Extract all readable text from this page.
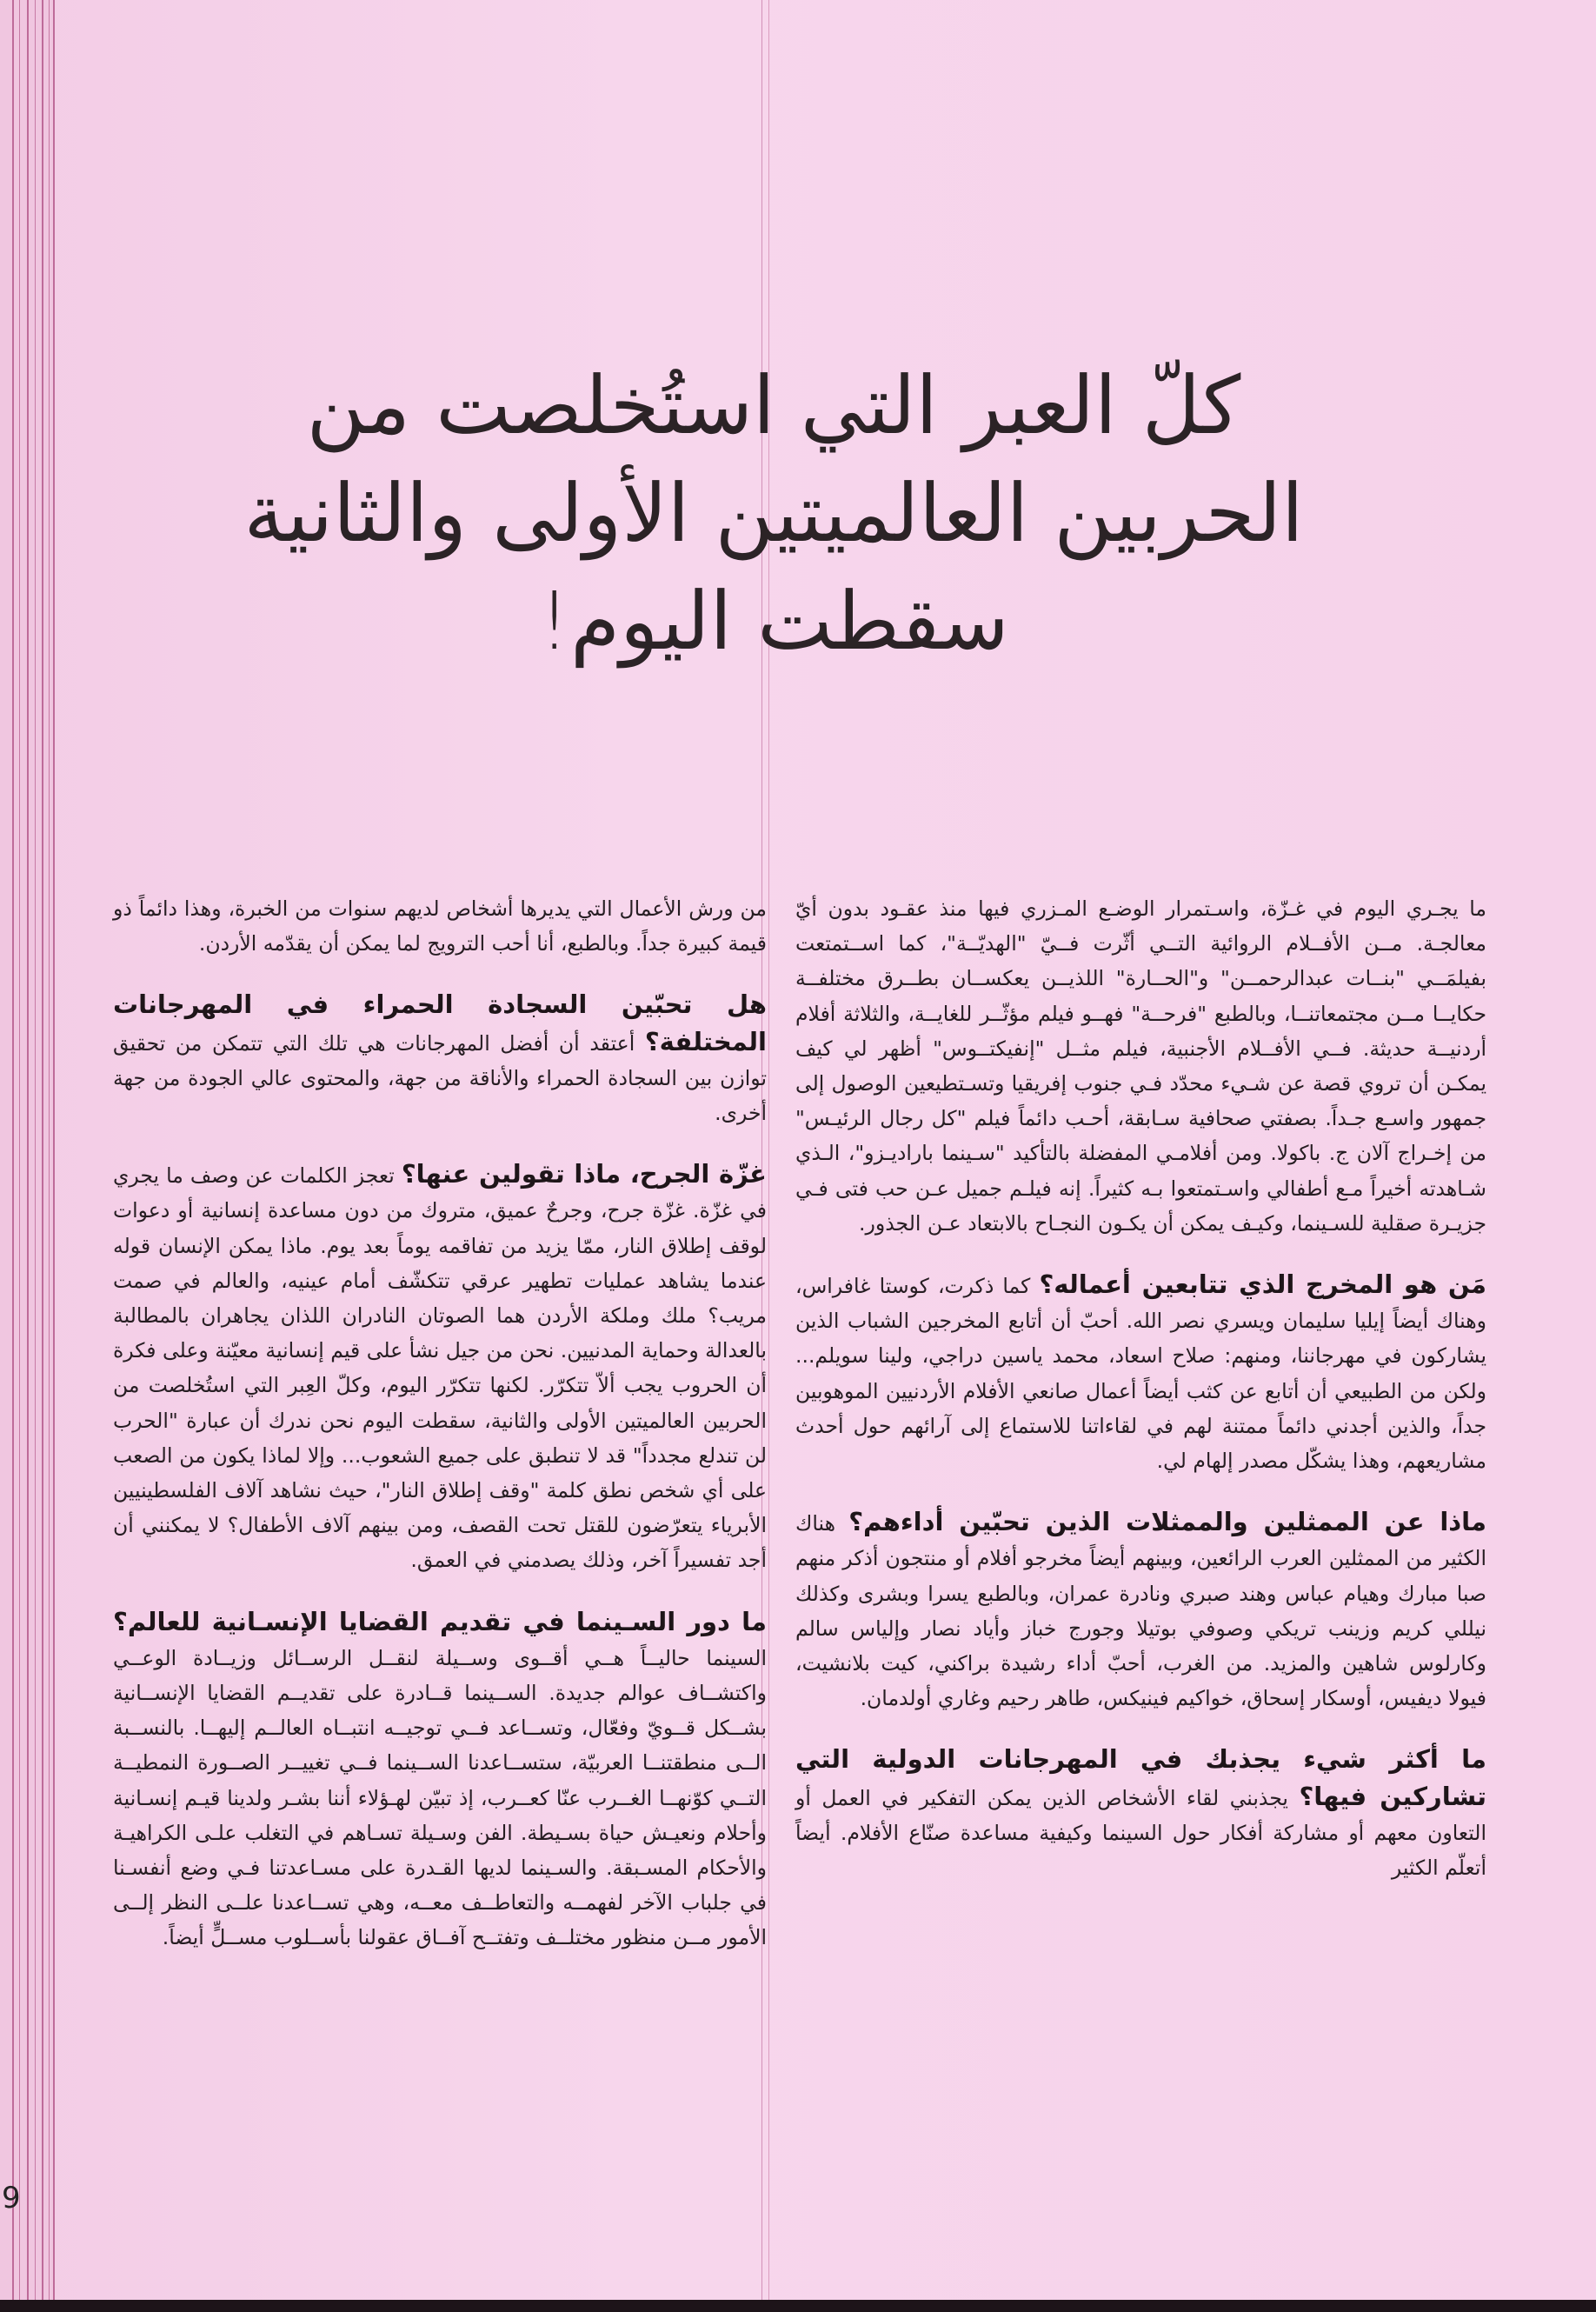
9
كلّ العبر التي استُخلصت من
الحربين العالميتين الأولى والثانية
سقطت اليوم!

ما يجـري اليوم في غـزّة، واسـتمرار الوضـع المـزري فيها منذ عقـود بدون أيّ معالجـة. مــن الأفــلام الروائية التــي أثّرت فــيّ "الهديّــة"، كما اســتمتعت بفيلمَــي "بنــات عبدالرحمــن" و"الحــارة" اللذيــن يعكســان بطــرق مختلفــة حكايــا مــن مجتمعاتنــا، وبالطبع "فرحــة" فهــو فيلم مؤثّــر للغايــة، والثلاثة أفلام أردنيــة حديثة. فــي الأفــلام الأجنبية، فيلم مثــل "إنفيكتــوس" أظهر لي كيف يمكـن أن تروي قصة عن شـيء محدّد فـي جنوب إفريقيا وتسـتطيعين الوصول إلى جمهور واسـع جـداً. بصفتي صحافية سـابقة، أحـب دائماً فيلم "كل رجال الرئيـس" من إخـراج آلان ج. باكولا. ومن أفلامـي المفضلة بالتأكيد "سـينما باراديـزو"، الـذي شـاهدته أخيراً مـع أطفالي واسـتمتعوا بـه كثيراً. إنه فيلـم جميل عـن حب فتى فـي جزيـرة صقلية للسـينما، وكيـف يمكن أن يكـون النجـاح بالابتعاد عـن الجذور.

مَن هو المخرج الذي تتابعين أعماله؟ كما ذكرت، كوستا غافراس، وهناك أيضاً إيليا سليمان ويسري نصر الله. أحبّ أن أتابع المخرجين الشباب الذين يشاركون في مهرجاننا، ومنهم: صلاح اسعاد، محمد ياسين دراجي، ولينا سويلم... ولكن من الطبيعي أن أتابع عن كثب أيضاً أعمال صانعي الأفلام الأردنيين الموهوبين جداً، والذين أجدني دائماً ممتنة لهم في لقاءاتنا للاستماع إلى آرائهم حول أحدث مشاريعهم، وهذا يشكّل مصدر إلهام لي.

ماذا عن الممثلين والممثلات الذين تحبّين أداءهم؟ هناك الكثير من الممثلين العرب الرائعين، وبينهم أيضاً مخرجو أفلام أو منتجون أذكر منهم صبا مبارك وهيام عباس وهند صبري ونادرة عمران، وبالطبع يسرا وبشرى وكذلك نيللي كريم وزينب تريكي وصوفي بوتيلا وجورج خباز وأياد نصار وإلياس سالم وكارلوس شاهين والمزيد. من الغرب، أحبّ أداء رشيدة براكني، كيت بلانشيت، فيولا ديفيس، أوسكار إسحاق، خواكيم فينيكس، طاهر رحيم وغاري أولدمان.

ما أكثر شيء يجذبك في المهرجانات الدولية التي تشاركين فيها؟ يجذبني لقاء الأشخاص الذين يمكن التفكير في العمل أو التعاون معهم أو مشاركة أفكار حول السينما وكيفية مساعدة صنّاع الأفلام. أيضاً أتعلّم الكثير

من ورش الأعمال التي يديرها أشخاص لديهم سنوات من الخبرة، وهذا دائماً ذو قيمة كبيرة جداً. وبالطبع، أنا أحب الترويج لما يمكن أن يقدّمه الأردن.

هل تحبّين السجادة الحمراء في المهرجانات المختلفة؟ أعتقد أن أفضل المهرجانات هي تلك التي تتمكن من تحقيق توازن بين السجادة الحمراء والأناقة من جهة، والمحتوى عالي الجودة من جهة أخرى.

غزّة الجرح، ماذا تقولين عنها؟ تعجز الكلمات عن وصف ما يجري في غزّة. غزّة جرح، وجرحٌ عميق، متروك من دون مساعدة إنسانية أو دعوات لوقف إطلاق النار، ممّا يزيد من تفاقمه يوماً بعد يوم. ماذا يمكن الإنسان قوله عندما يشاهد عمليات تطهير عرقي تتكشّف أمام عينيه، والعالم في صمت مريب؟ ملك وملكة الأردن هما الصوتان النادران اللذان يجاهران بالمطالبة بالعدالة وحماية المدنيين. نحن من جيل نشأ على قيم إنسانية معيّنة وعلى فكرة أن الحروب يجب ألاّ تتكرّر. لكنها تتكرّر اليوم، وكلّ العِبر التي استُخلصت من الحربين العالميتين الأولى والثانية، سقطت اليوم نحن ندرك أن عبارة "الحرب لن تندلع مجدداً" قد لا تنطبق على جميع الشعوب... وإلا لماذا يكون من الصعب على أي شخص نطق كلمة "وقف إطلاق النار"، حيث نشاهد آلاف الفلسطينيين الأبرياء يتعرّضون للقتل تحت القصف، ومن بينهم آلاف الأطفال؟ لا يمكنني أن أجد تفسيراً آخر، وذلك يصدمني في العمق.

ما دور السـينما في تقديم القضايا الإنسـانية للعالم؟ السينما حاليــاً هــي أقــوى وســيلة لنقــل الرســائل وزيــادة الوعــي واكتشــاف عوالم جديدة. الســينما قــادرة على تقديــم القضايا الإنســانية بشــكل قــويّ وفعّال، وتســاعد فــي توجيــه انتبــاه العالــم إليهــا. بالنســبة الــى منطقتنــا العربيّة، ستســاعدنا الســينما فــي تغييــر الصــورة النمطيــة التــي كوّنهــا الغــرب عنّا كعــرب، إذ تبيّن لهـؤلاء أننا بشـر ولدينا قيـم إنسـانية وأحلام ونعيـش حياة بسـيطة. الفن وسـيلة تسـاهم في التغلب علـى الكراهيـة والأحكام المسـبقة. والسـينما لديها القـدرة على مسـاعدتنا فـي وضع أنفسـنا في جلباب الآخر لفهمــه والتعاطــف معــه، وهي تســاعدنا علــى النظر إلــى الأمور مــن منظور مختلــف وتفتــح آفــاق عقولنا بأســلوب مســلٍّ أيضاً.
